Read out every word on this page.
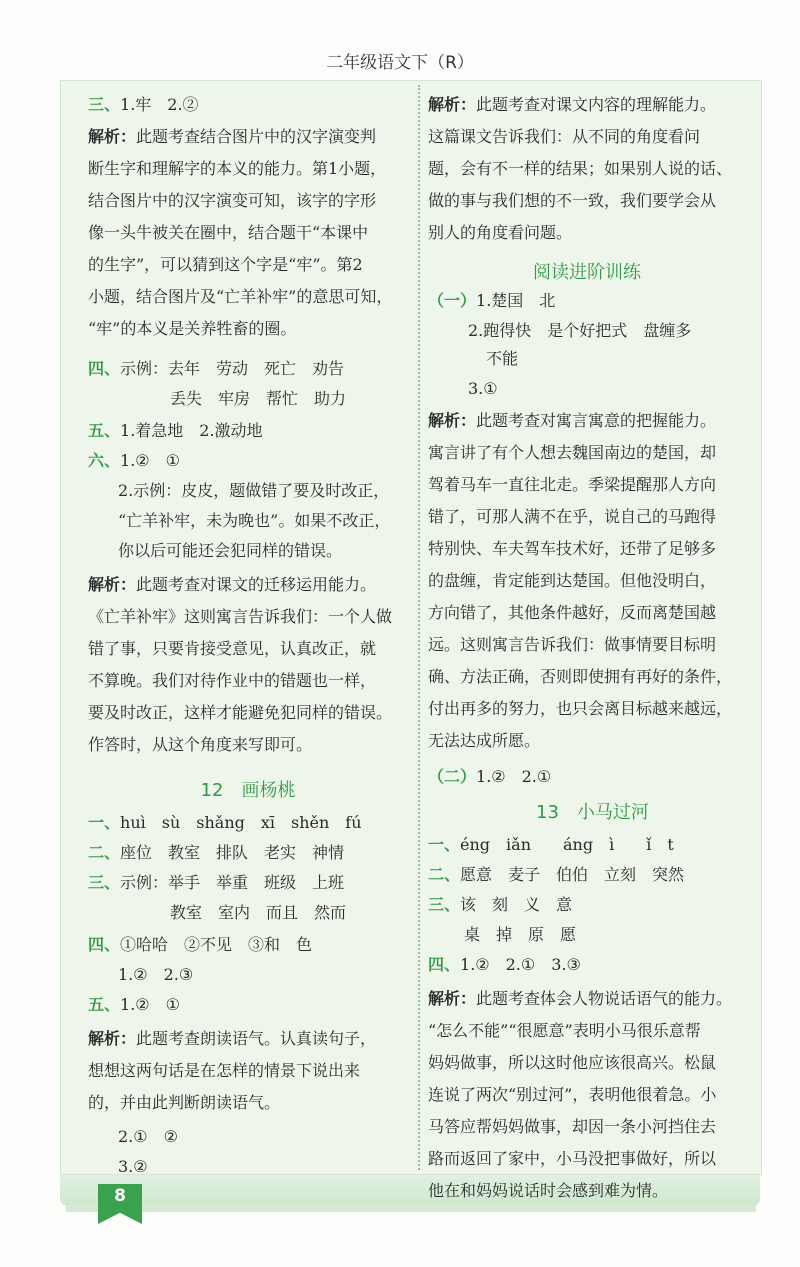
二年级语文下（R）
三、1.牢　2.②
解析：此题考查结合图片中的汉字演变判
断生字和理解字的本义的能力。第1小题，
结合图片中的汉字演变可知，该字的字形
像一头牛被关在圈中，结合题干“本课中
的生字”，可以猜到这个字是“牢”。第2
小题，结合图片及“亡羊补牢”的意思可知，
“牢”的本义是关养牲畜的圈。
四、示例：去年　劳动　死亡　劝告
丢失　牢房　帮忙　助力
五、1.着急地　2.激动地
六、1.②　①
2.示例：皮皮，题做错了要及时改正，
“亡羊补牢，未为晚也”。如果不改正，
你以后可能还会犯同样的错误。
解析：此题考查对课文的迁移运用能力。
《亡羊补牢》这则寓言告诉我们：一个人做
错了事，只要肯接受意见，认真改正，就
不算晚。我们对待作业中的错题也一样，
要及时改正，这样才能避免犯同样的错误。
作答时，从这个角度来写即可。
一、huì　sù　shǎng　xī　shěn　fú
二、座位　教室　排队　老实　神情
三、示例：举手　举重　班级　上班
教室　室内　而且　然而
四、①哈哈　②不见　③和　色
1.②　2.③
五、1.②　①
解析：此题考查朗读语气。认真读句子，
想想这两句话是在怎样的情景下说出来
的，并由此判断朗读语气。
2.①　②
3.②
12　画杨桃
解析：此题考查对课文内容的理解能力。
这篇课文告诉我们：从不同的角度看问
题，会有不一样的结果；如果别人说的话、
做的事与我们想的不一致，我们要学会从
别人的角度看问题。
（一）1.楚国　北
2.跑得快　是个好把式　盘缠多
不能
3.①
解析：此题考查对寓言寓意的把握能力。
寓言讲了有个人想去魏国南边的楚国，却
驾着马车一直往北走。季梁提醒那人方向
错了，可那人满不在乎，说自己的马跑得
特别快、车夫驾车技术好，还带了足够多
的盘缠，肯定能到达楚国。但他没明白，
方向错了，其他条件越好，反而离楚国越
远。这则寓言告诉我们：做事情要目标明
确、方法正确，否则即使拥有再好的条件，
付出再多的努力，也只会离目标越来越远，
无法达成所愿。
（二）1.②　2.①
一、éng　iǎn　　áng　ì　　ǐ　t
二、愿意　麦子　伯伯　立刻　突然
三、该　刻　义　意
桌　掉　原　愿
四、1.②　2.①　3.③
解析：此题考查体会人物说话语气的能力。
“怎么不能”“很愿意”表明小马很乐意帮
妈妈做事，所以这时他应该很高兴。松鼠
连说了两次“别过河”，表明他很着急。小
马答应帮妈妈做事，却因一条小河挡住去
路而返回了家中，小马没把事做好，所以
他在和妈妈说话时会感到难为情。
阅读进阶训练
13　小马过河
8
